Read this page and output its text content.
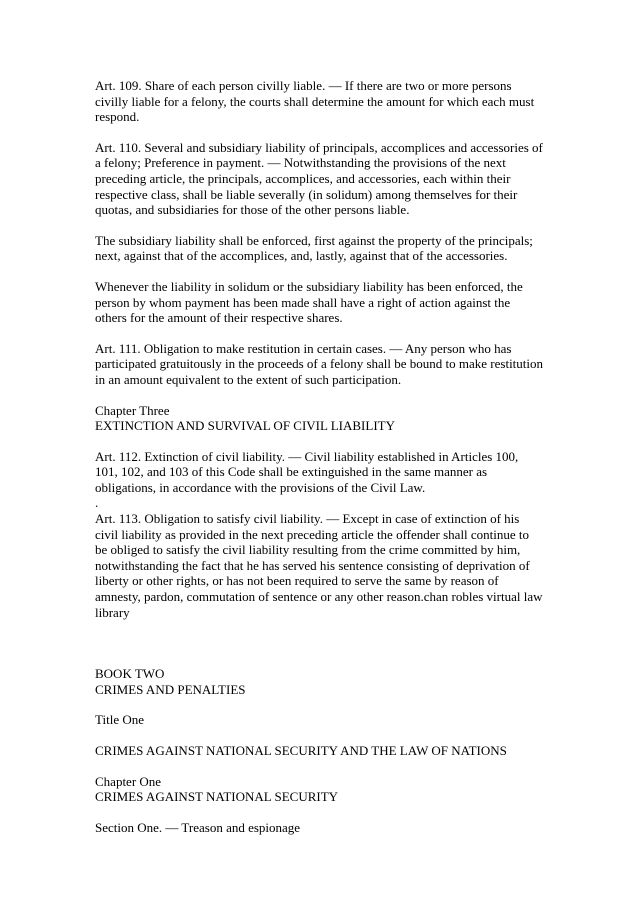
Art. 109. Share of each person civilly liable. — If there are two or more persons
civilly liable for a felony, the courts shall determine the amount for which each must
respond.

Art. 110. Several and subsidiary liability of principals, accomplices and accessories of
a felony; Preference in payment. — Notwithstanding the provisions of the next
preceding article, the principals, accomplices, and accessories, each within their
respective class, shall be liable severally (in solidum) among themselves for their
quotas, and subsidiaries for those of the other persons liable.

The subsidiary liability shall be enforced, first against the property of the principals;
next, against that of the accomplices, and, lastly, against that of the accessories.

Whenever the liability in solidum or the subsidiary liability has been enforced, the
person by whom payment has been made shall have a right of action against the
others for the amount of their respective shares.

Art. 111. Obligation to make restitution in certain cases. — Any person who has
participated gratuitously in the proceeds of a felony shall be bound to make restitution
in an amount equivalent to the extent of such participation.

Chapter Three
EXTINCTION AND SURVIVAL OF CIVIL LIABILITY

Art. 112. Extinction of civil liability. — Civil liability established in Articles 100,
101, 102, and 103 of this Code shall be extinguished in the same manner as
obligations, in accordance with the provisions of the Civil Law.
.

Art. 113. Obligation to satisfy civil liability. — Except in case of extinction of his
civil liability as provided in the next preceding article the offender shall continue to
be obliged to satisfy the civil liability resulting from the crime committed by him,
notwithstanding the fact that he has served his sentence consisting of deprivation of
liberty or other rights, or has not been required to serve the same by reason of
amnesty, pardon, commutation of sentence or any other reason.chan robles virtual law
library

BOOK TWO
CRIMES AND PENALTIES

Title One

CRIMES AGAINST NATIONAL SECURITY AND THE LAW OF NATIONS

Chapter One
CRIMES AGAINST NATIONAL SECURITY

Section One. — Treason and espionage
